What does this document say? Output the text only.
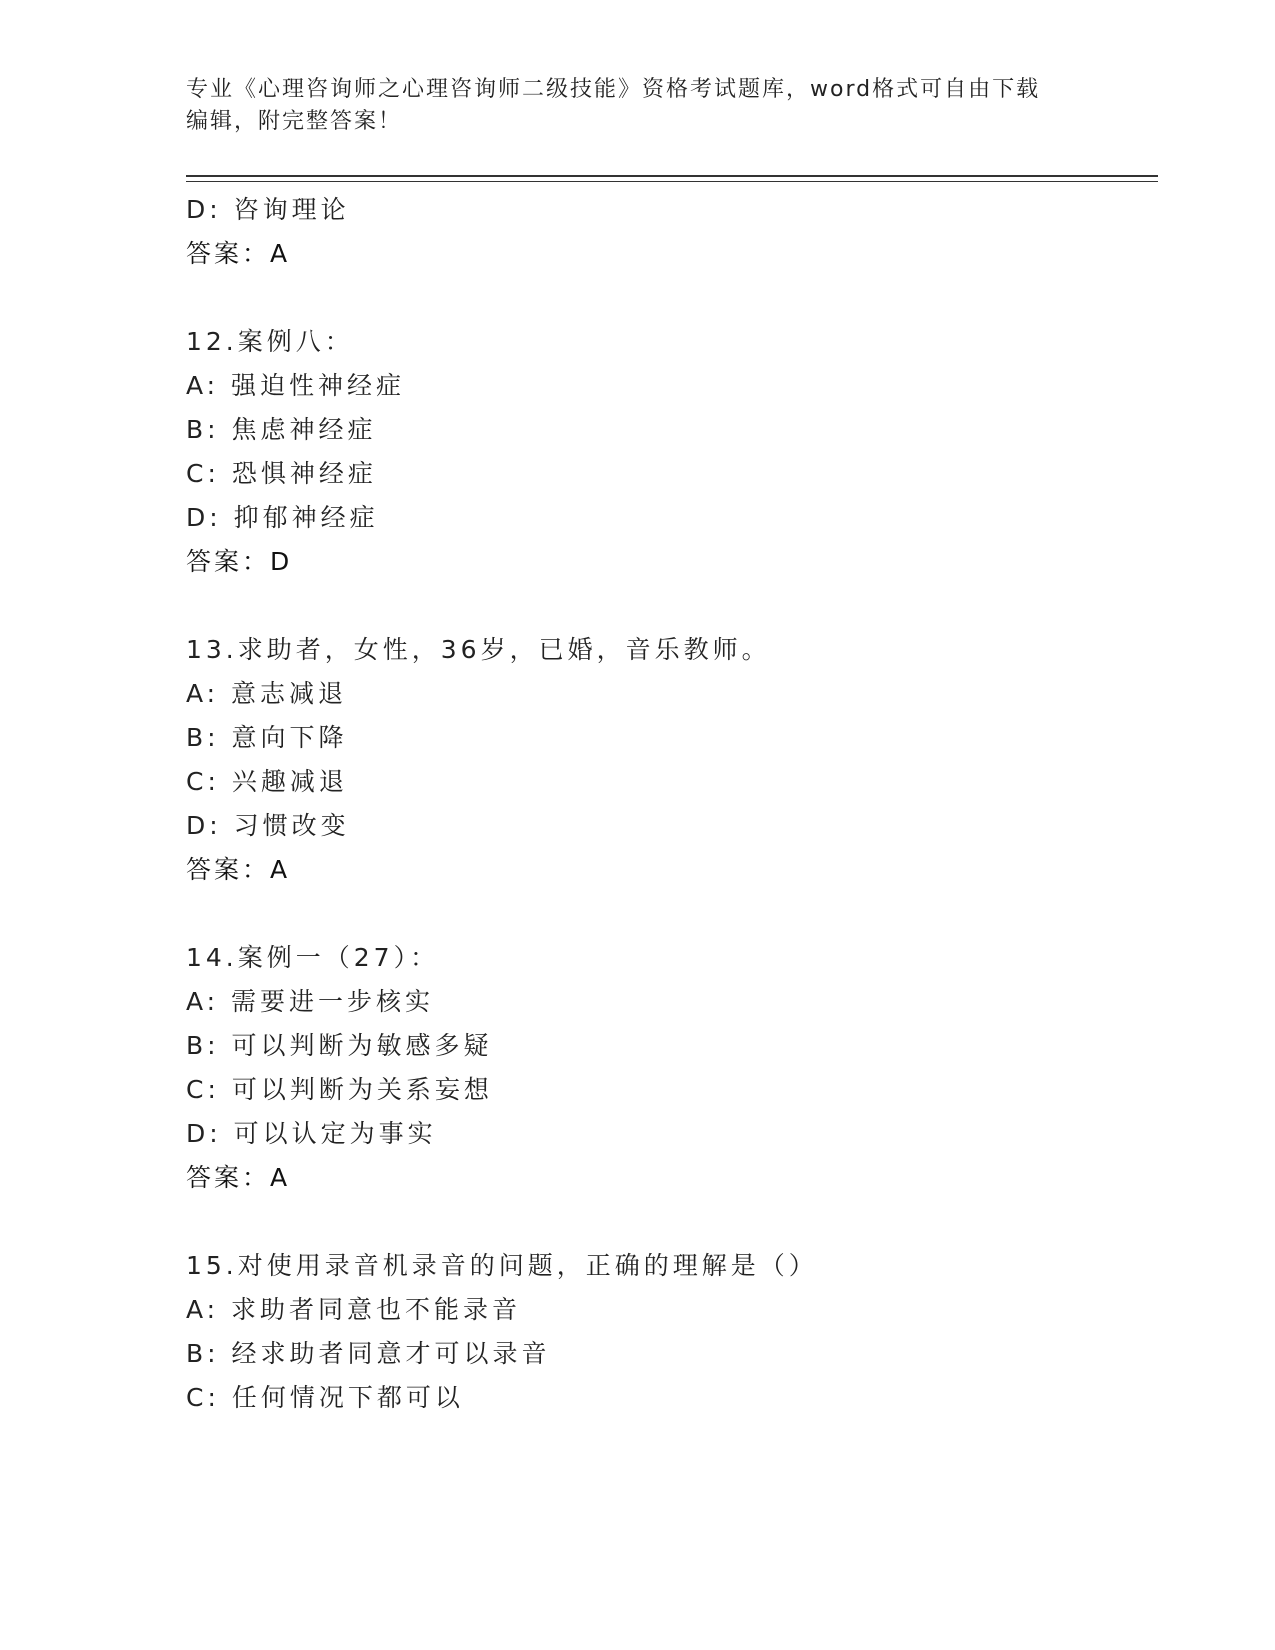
专业《心理咨询师之心理咨询师二级技能》资格考试题库，word格式可自由下载
编辑，附完整答案！
D: 咨询理论
答案：A
12.案例八：
A: 强迫性神经症
B: 焦虑神经症
C: 恐惧神经症
D: 抑郁神经症
答案：D
13.求助者，女性，36岁，已婚，音乐教师。
A: 意志减退
B: 意向下降
C: 兴趣减退
D: 习惯改变
答案：A
14.案例一（27）：
A: 需要进一步核实
B: 可以判断为敏感多疑
C: 可以判断为关系妄想
D: 可以认定为事实
答案：A
15.对使用录音机录音的问题，正确的理解是（）
A: 求助者同意也不能录音
B: 经求助者同意才可以录音
C: 任何情况下都可以
